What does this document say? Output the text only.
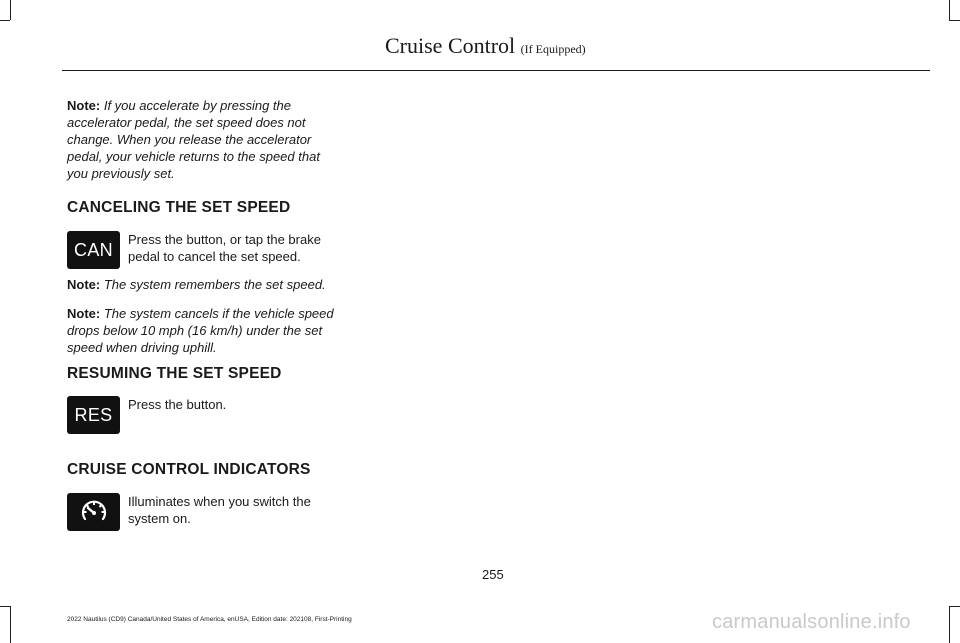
Cruise Control (If Equipped)

Note: If you accelerate by pressing the accelerator pedal, the set speed does not change. When you release the accelerator pedal, your vehicle returns to the speed that you previously set.

CANCELING THE SET SPEED
CAN	Press the button, or tap the brake pedal to cancel the set speed.

Note: The system remembers the set speed.

Note: The system cancels if the vehicle speed drops below 10 mph (16 km/h) under the set speed when driving uphill.

RESUMING THE SET SPEED
RES	Press the button.

CRUISE CONTROL INDICATORS

Illuminates when you switch the system on.

255
2022 Nautilus (CD9) Canada/United States of America, enUSA, Edition date: 202108, First-Printing	carmanualsonline.info
